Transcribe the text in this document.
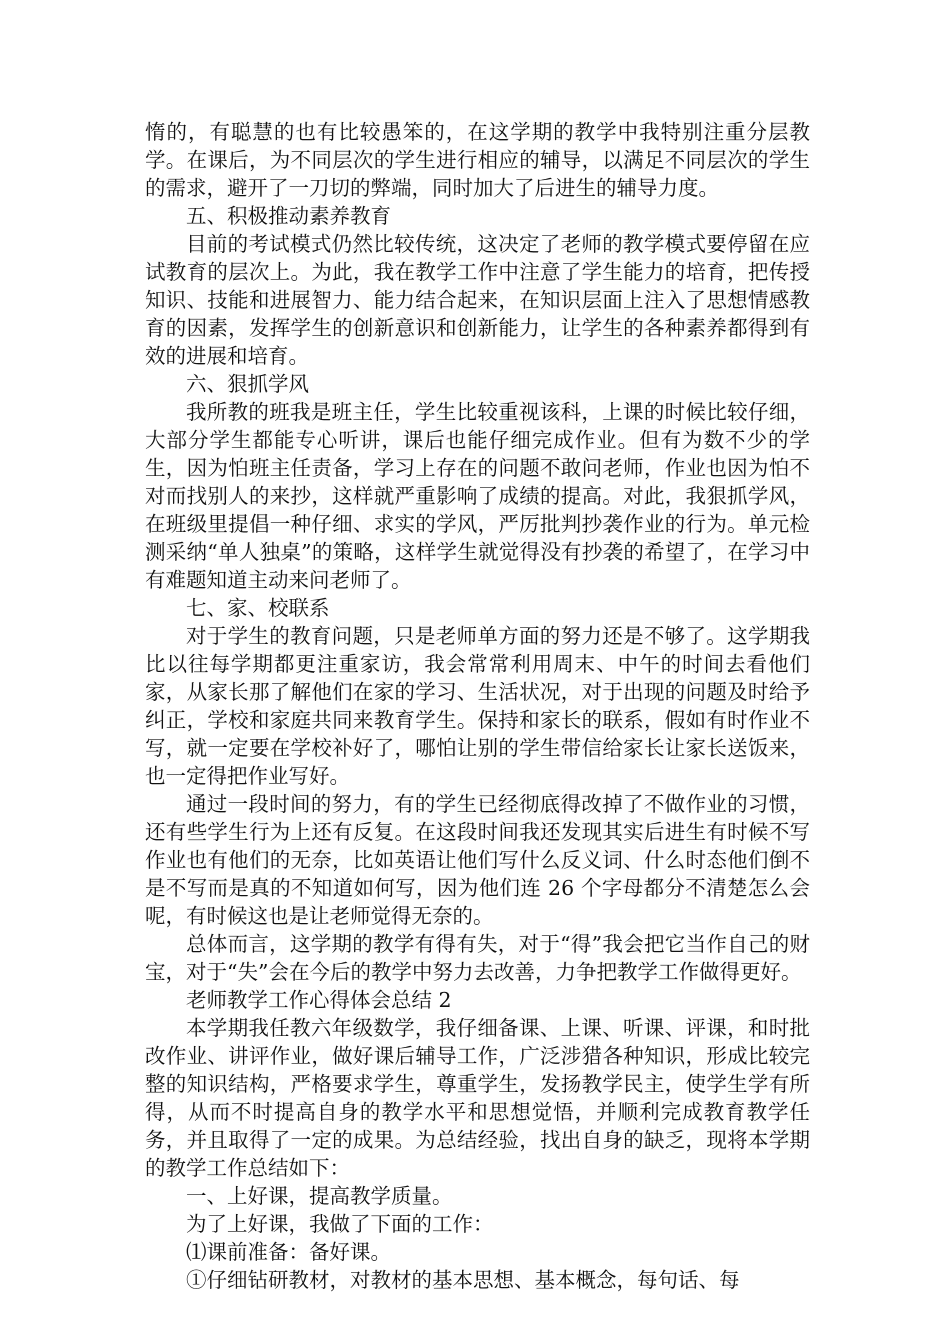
惰的，有聪慧的也有比较愚笨的，在这学期的教学中我特别注重分层教学。在课后，为不同层次的学生进行相应的辅导，以满足不同层次的学生的需求，避开了一刀切的弊端，同时加大了后进生的辅导力度。

五、积极推动素养教育

目前的考试模式仍然比较传统，这决定了老师的教学模式要停留在应试教育的层次上。为此，我在教学工作中注意了学生能力的培育，把传授知识、技能和进展智力、能力结合起来，在知识层面上注入了思想情感教育的因素，发挥学生的创新意识和创新能力，让学生的各种素养都得到有效的进展和培育。

六、狠抓学风

我所教的班我是班主任，学生比较重视该科，上课的时候比较仔细，大部分学生都能专心听讲，课后也能仔细完成作业。但有为数不少的学生，因为怕班主任责备，学习上存在的问题不敢问老师，作业也因为怕不对而找别人的来抄，这样就严重影响了成绩的提高。对此，我狠抓学风，在班级里提倡一种仔细、求实的学风，严厉批判抄袭作业的行为。单元检测采纳“单人独桌”的策略，这样学生就觉得没有抄袭的希望了，在学习中有难题知道主动来问老师了。

七、家、校联系

对于学生的教育问题，只是老师单方面的努力还是不够了。这学期我比以往每学期都更注重家访，我会常常利用周末、中午的时间去看他们家，从家长那了解他们在家的学习、生活状况，对于出现的问题及时给予纠正，学校和家庭共同来教育学生。保持和家长的联系，假如有时作业不写，就一定要在学校补好了，哪怕让别的学生带信给家长让家长送饭来，也一定得把作业写好。

通过一段时间的努力，有的学生已经彻底得改掉了不做作业的习惯，还有些学生行为上还有反复。在这段时间我还发现其实后进生有时候不写作业也有他们的无奈，比如英语让他们写什么反义词、什么时态他们倒不是不写而是真的不知道如何写，因为他们连 26 个字母都分不清楚怎么会呢，有时候这也是让老师觉得无奈的。

总体而言，这学期的教学有得有失，对于“得”我会把它当作自己的财宝，对于“失”会在今后的教学中努力去改善，力争把教学工作做得更好。

老师教学工作心得体会总结 2

本学期我任教六年级数学，我仔细备课、上课、听课、评课，和时批改作业、讲评作业，做好课后辅导工作，广泛涉猎各种知识，形成比较完整的知识结构，严格要求学生，尊重学生，发扬教学民主，使学生学有所得，从而不时提高自身的教学水平和思想觉悟，并顺利完成教育教学任务，并且取得了一定的成果。为总结经验，找出自身的缺乏，现将本学期的教学工作总结如下：

一、上好课，提高教学质量。

为了上好课，我做了下面的工作：

⑴课前准备：备好课。

①仔细钻研教材，对教材的基本思想、基本概念，每句话、每
